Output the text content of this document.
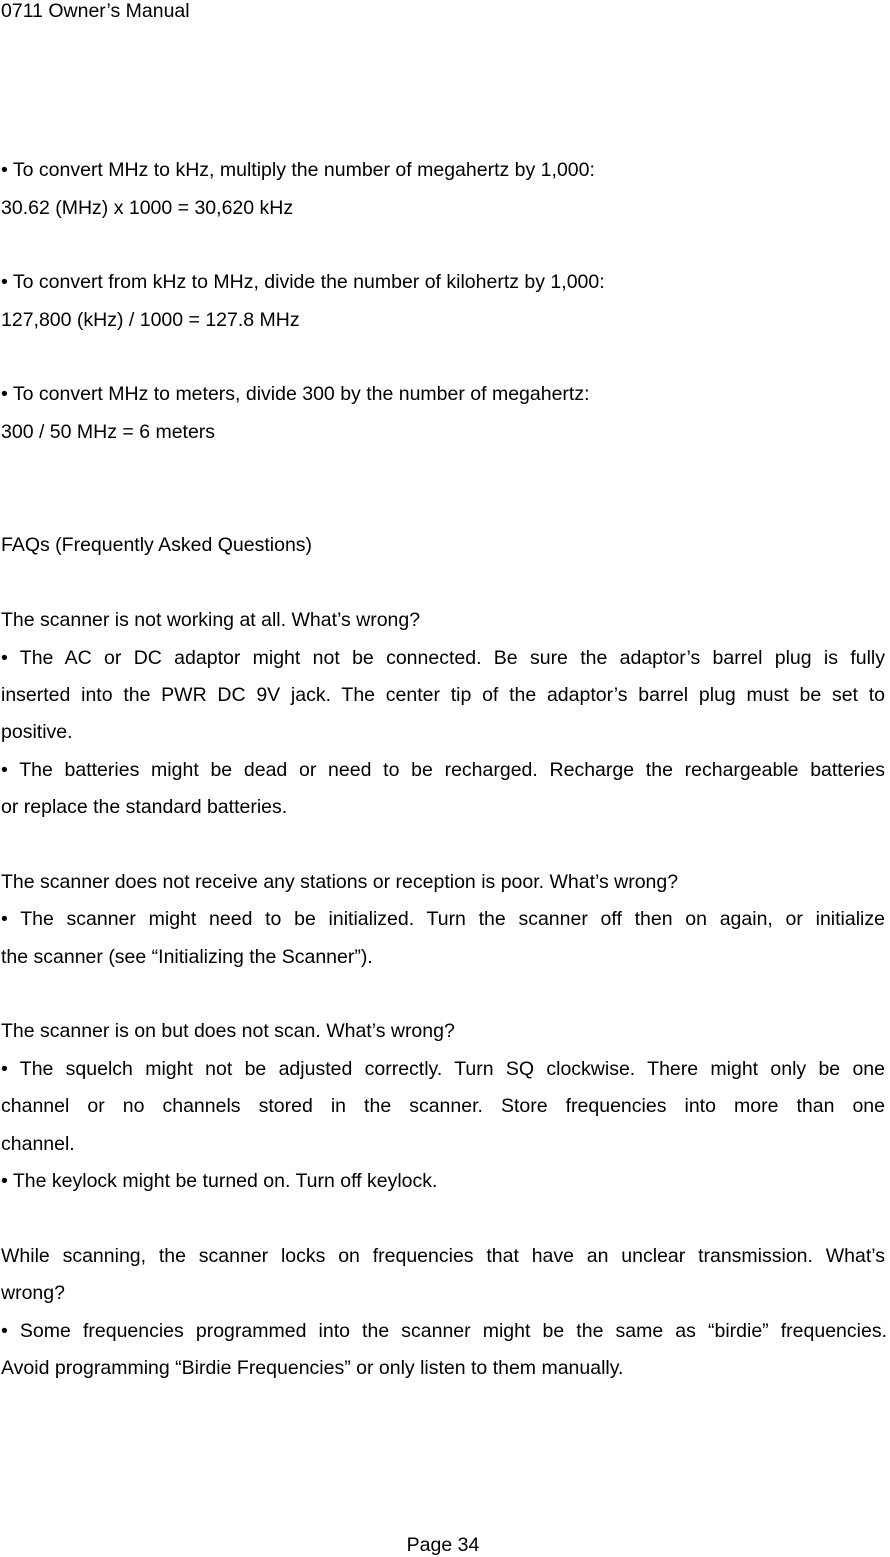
0711 Owner’s Manual
• To convert MHz to kHz, multiply the number of megahertz by 1,000:
30.62 (MHz) x 1000 = 30,620 kHz
• To convert from kHz to MHz, divide the number of kilohertz by 1,000:
127,800 (kHz) / 1000 = 127.8 MHz
• To convert MHz to meters, divide 300 by the number of megahertz:
300 / 50 MHz = 6 meters
FAQs (Frequently Asked Questions)
The scanner is not working at all. What’s wrong?
• The AC or DC adaptor might not be connected. Be sure the adaptor’s barrel plug is fully
inserted into the PWR DC 9V jack. The center tip of the adaptor’s barrel plug must be set to
positive.
• The batteries might be dead or need to be recharged. Recharge the rechargeable batteries
or replace the standard batteries.
The scanner does not receive any stations or reception is poor. What’s wrong?
• The scanner might need to be initialized. Turn the scanner off then on again, or initialize
the scanner (see “Initializing the Scanner”).
The scanner is on but does not scan. What’s wrong?
• The squelch might not be adjusted correctly. Turn SQ clockwise. There might only be one
channel or no channels stored in the scanner. Store frequencies into more than one
channel.
• The keylock might be turned on. Turn off keylock.
While scanning, the scanner locks on frequencies that have an unclear transmission. What’s
wrong?
• Some frequencies programmed into the scanner might be the same as “birdie” frequencies.
Avoid programming “Birdie Frequencies” or only listen to them manually.
Page 34
